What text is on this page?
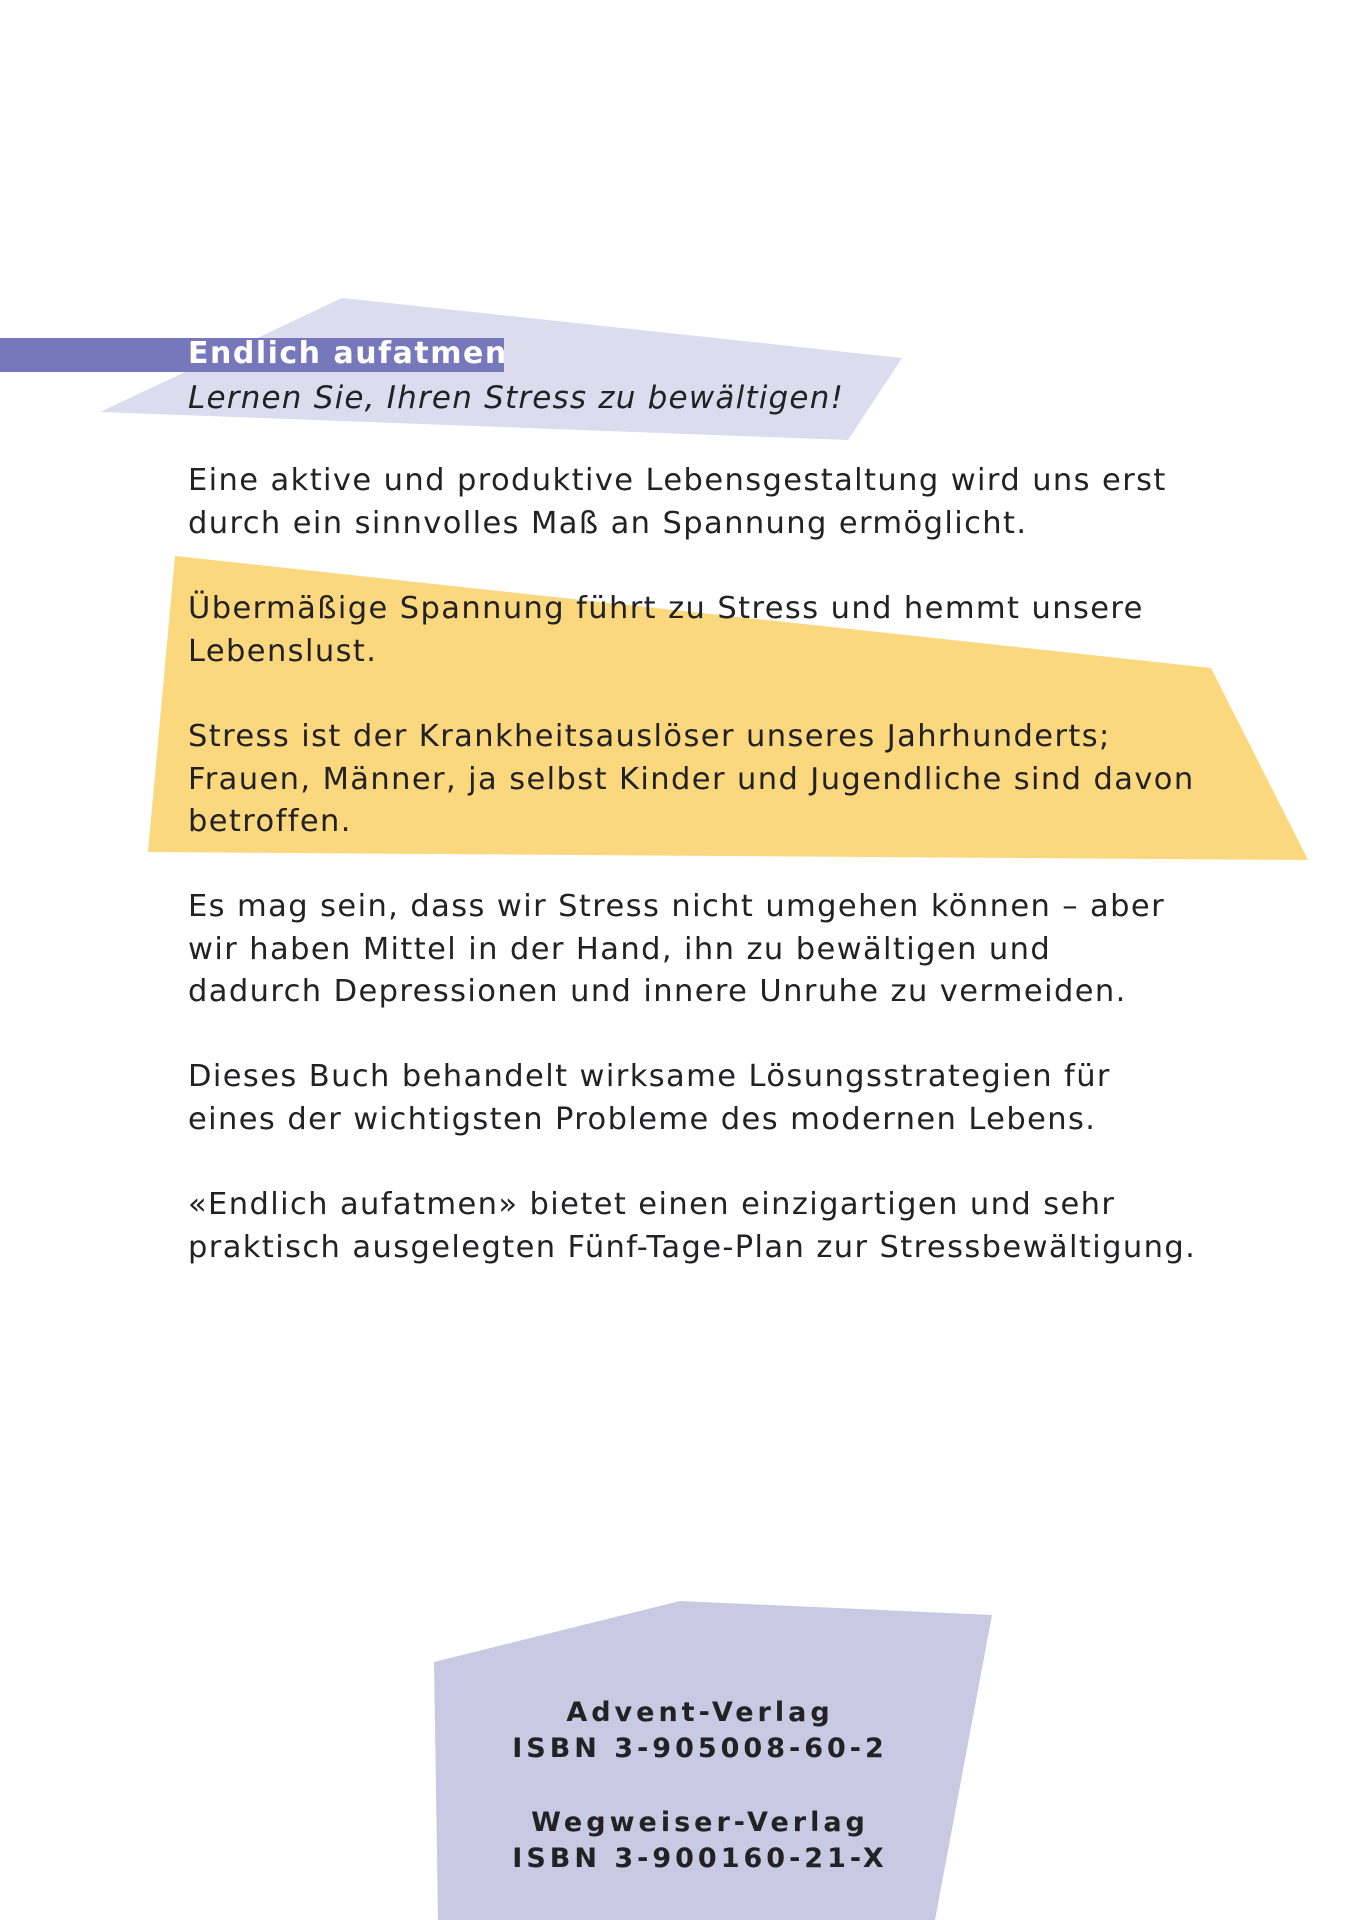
Endlich aufatmen
Lernen Sie, Ihren Stress zu bewältigen!

Eine aktive und produktive Lebensgestaltung wird uns erst
durch ein sinnvolles Maß an Spannung ermöglicht.

Übermäßige Spannung führt zu Stress und hemmt unsere
Lebenslust.

Stress ist der Krankheitsauslöser unseres Jahrhunderts;
Frauen, Männer, ja selbst Kinder und Jugendliche sind davon
betroffen.

Es mag sein, dass wir Stress nicht umgehen können – aber
wir haben Mittel in der Hand, ihn zu bewältigen und
dadurch Depressionen und innere Unruhe zu vermeiden.

Dieses Buch behandelt wirksame Lösungsstrategien für
eines der wichtigsten Probleme des modernen Lebens.

«Endlich aufatmen» bietet einen einzigartigen und sehr
praktisch ausgelegten Fünf-Tage-Plan zur Stressbewältigung.

Advent-Verlag
ISBN 3-905008-60-2
Wegweiser-Verlag
ISBN 3-900160-21-X
